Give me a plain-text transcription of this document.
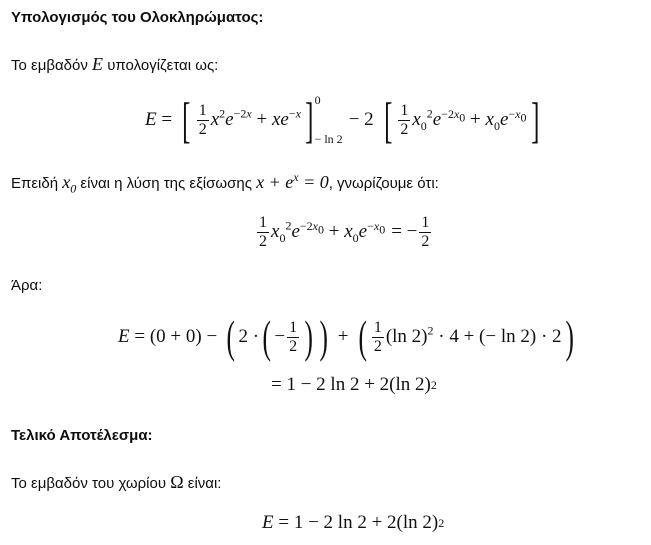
Υπολογισμός του Ολοκληρώματος:
Το εμβαδόν E υπολογίζεται ως:
E = [ $\frac{1}{2} x^2e^{-2x} + xe^{-x}$ ] 0
− ln 2
− 2 [ $\frac{1}{2} x_0^2e^{-2x_0} + x_0e^{-x_0}$ ]
Επειδή $x_0$ είναι η λύση της εξίσωσης $x + e^x = 0$, γνωρίζουμε ότι:
$\frac{1}{2} x_0^2e^{-2x_0} + x_0e^{-x_0}$ = − $\frac{1}{2}$
Άρα:
E = (0 + 0) − ( 2 · ( − $\frac{1}{2}$ ) ) + ( $\frac{1}{2} (\ln$ 2)$^2$ · 4 + (− ln 2) · 2 )
= 1 − 2 ln 2 + 2(ln 2) 2
Τελικό Αποτέλεσμα:
Το εμβαδόν του χωρίου Ω είναι:
E = 1 − 2 ln 2 + 2(ln 2) 2
